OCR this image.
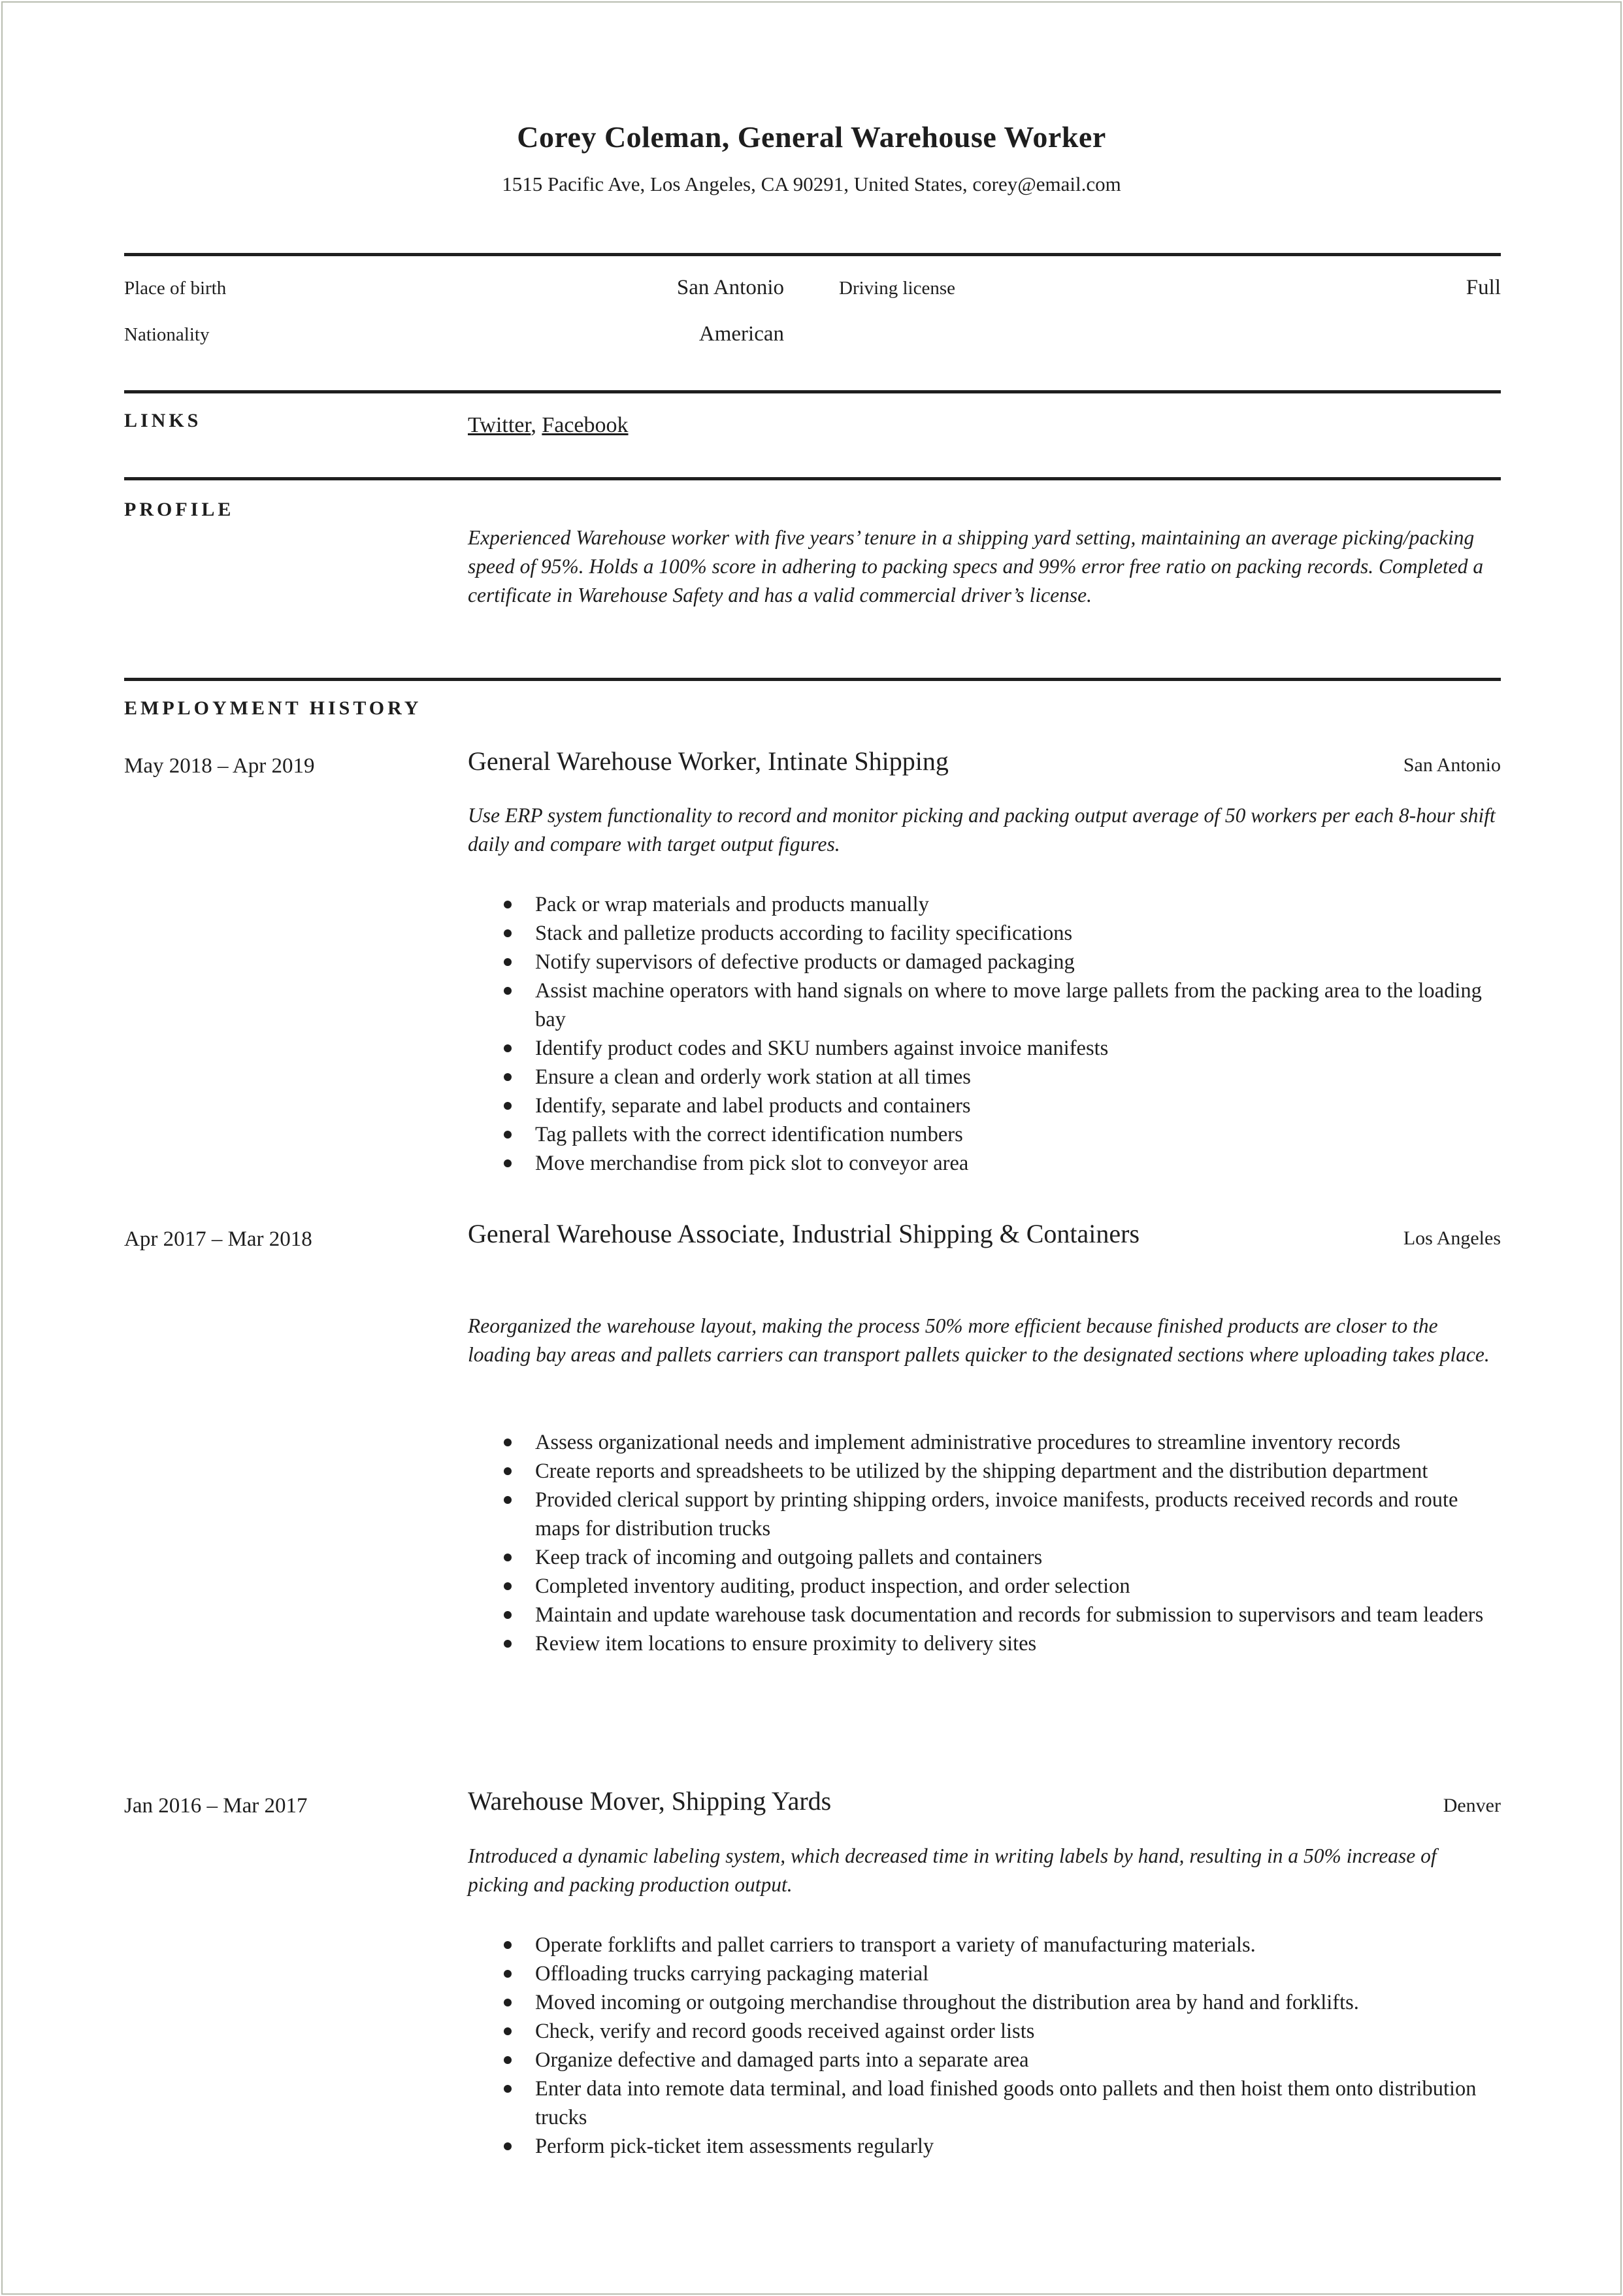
Corey Coleman, General Warehouse Worker
1515 Pacific Ave, Los Angeles, CA 90291, United States, corey@email.com
Place of birth	San Antonio
Nationality	American
Driving license	Full
LINKS	Twitter, Facebook
PROFILE
Experienced Warehouse worker with five years’ tenure in a shipping yard setting, maintaining an average picking/packing speed of 95%. Holds a 100% score in adhering to packing specs and 99% error free ratio on packing records. Completed a certificate in Warehouse Safety and has a valid commercial driver’s license.
EMPLOYMENT HISTORY
May 2018 – Apr 2019	General Warehouse Worker, Intinate Shipping	San Antonio
Use ERP system functionality to record and monitor picking and packing output average of 50 workers per each 8-hour shift daily and compare with target output figures.
Pack or wrap materials and products manually
Stack and palletize products according to facility specifications
Notify supervisors of defective products or damaged packaging
Assist machine operators with hand signals on where to move large pallets from the packing area to the loading bay
Identify product codes and SKU numbers against invoice manifests
Ensure a clean and orderly work station at all times
Identify, separate and label products and containers
Tag pallets with the correct identification numbers
Move merchandise from pick slot to conveyor area
Apr 2017 – Mar 2018	General Warehouse Associate, Industrial Shipping & Containers	Los Angeles
Reorganized the warehouse layout, making the process 50% more efficient because finished products are closer to the loading bay areas and pallets carriers can transport pallets quicker to the designated sections where uploading takes place.
Assess organizational needs and implement administrative procedures to streamline inventory records
Create reports and spreadsheets to be utilized by the shipping department and the distribution department
Provided clerical support by printing shipping orders, invoice manifests, products received records and route maps for distribution trucks
Keep track of incoming and outgoing pallets and containers
Completed inventory auditing, product inspection, and order selection
Maintain and update warehouse task documentation and records for submission to supervisors and team leaders
Review item locations to ensure proximity to delivery sites
Jan 2016 – Mar 2017	Warehouse Mover, Shipping Yards	Denver
Introduced a dynamic labeling system, which decreased time in writing labels by hand, resulting in a 50% increase of picking and packing production output.
Operate forklifts and pallet carriers to transport a variety of manufacturing materials.
Offloading trucks carrying packaging material
Moved incoming or outgoing merchandise throughout the distribution area by hand and forklifts.
Check, verify and record goods received against order lists
Organize defective and damaged parts into a separate area
Enter data into remote data terminal, and load finished goods onto pallets and then hoist them onto distribution trucks
Perform pick-ticket item assessments regularly
